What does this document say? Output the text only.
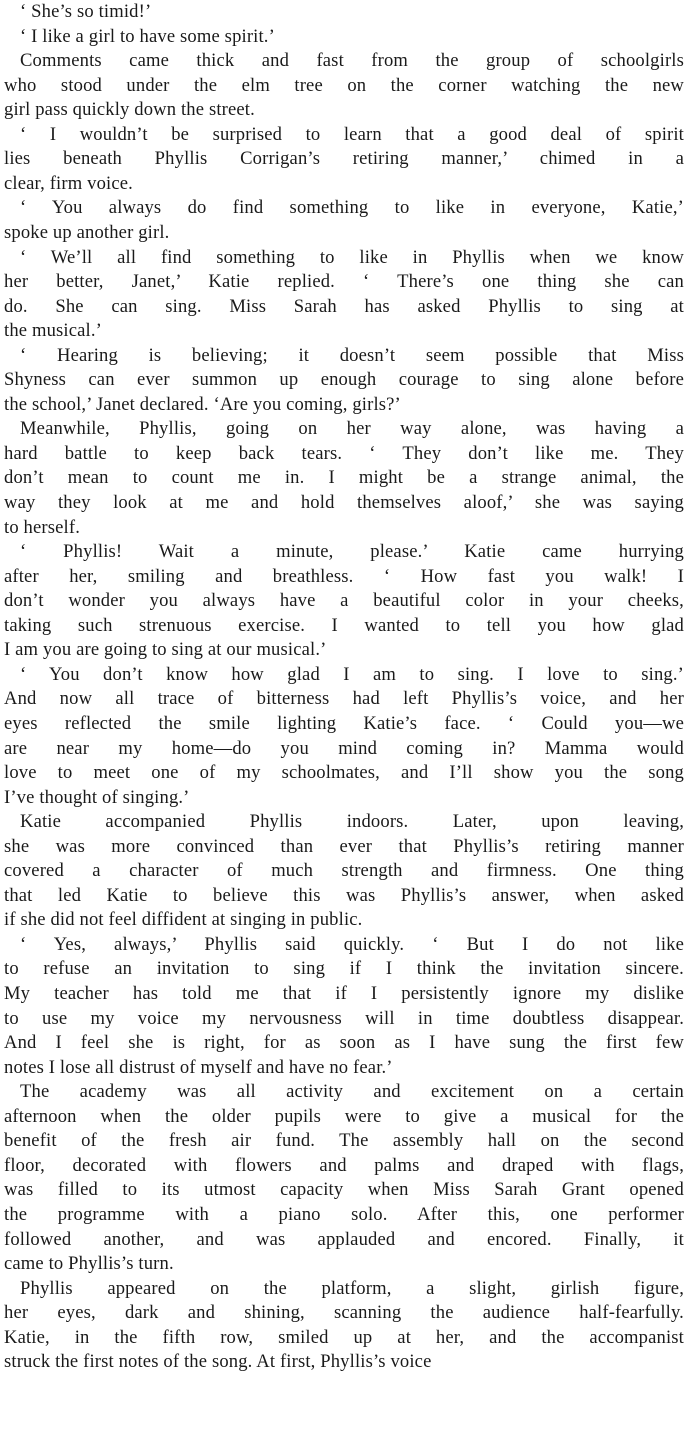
‘ She’s so timid!’
‘ I like a girl to have some spirit.’
Comments came thick and fast from the group of schoolgirls
who stood under the elm tree on the corner watching the new
girl pass quickly down the street.
‘ I wouldn’t be surprised to learn that a good deal of spirit
lies beneath Phyllis Corrigan’s retiring manner,’ chimed in a
clear, firm voice.
‘ You always do find something to like in everyone, Katie,’
spoke up another girl.
‘ We’ll all find something to like in Phyllis when we know
her better, Janet,’ Katie replied. ‘ There’s one thing she can
do. She can sing. Miss Sarah has asked Phyllis to sing at
the musical.’
‘ Hearing is believing; it doesn’t seem possible that Miss
Shyness can ever summon up enough courage to sing alone before
the school,’ Janet declared. ‘Are you coming, girls?’
Meanwhile, Phyllis, going on her way alone, was having a
hard battle to keep back tears. ‘ They don’t like me. They
don’t mean to count me in. I might be a strange animal, the
way they look at me and hold themselves aloof,’ she was saying
to herself.
‘ Phyllis! Wait a minute, please.’ Katie came hurrying
after her, smiling and breathless. ‘ How fast you walk! I
don’t wonder you always have a beautiful color in your cheeks,
taking such strenuous exercise. I wanted to tell you how glad
I am you are going to sing at our musical.’
‘ You don’t know how glad I am to sing. I love to sing.’
And now all trace of bitterness had left Phyllis’s voice, and her
eyes reflected the smile lighting Katie’s face. ‘ Could you—we
are near my home—do you mind coming in? Mamma would
love to meet one of my schoolmates, and I’ll show you the song
I’ve thought of singing.’
Katie accompanied Phyllis indoors. Later, upon leaving,
she was more convinced than ever that Phyllis’s retiring manner
covered a character of much strength and firmness. One thing
that led Katie to believe this was Phyllis’s answer, when asked
if she did not feel diffident at singing in public.
‘ Yes, always,’ Phyllis said quickly. ‘ But I do not like
to refuse an invitation to sing if I think the invitation sincere.
My teacher has told me that if I persistently ignore my dislike
to use my voice my nervousness will in time doubtless disappear.
And I feel she is right, for as soon as I have sung the first few
notes I lose all distrust of myself and have no fear.’
The academy was all activity and excitement on a certain
afternoon when the older pupils were to give a musical for the
benefit of the fresh air fund. The assembly hall on the second
floor, decorated with flowers and palms and draped with flags,
was filled to its utmost capacity when Miss Sarah Grant opened
the programme with a piano solo. After this, one performer
followed another, and was applauded and encored. Finally, it
came to Phyllis’s turn.
Phyllis appeared on the platform, a slight, girlish figure,
her eyes, dark and shining, scanning the audience half-fearfully.
Katie, in the fifth row, smiled up at her, and the accompanist
struck the first notes of the song. At first, Phyllis’s voice
